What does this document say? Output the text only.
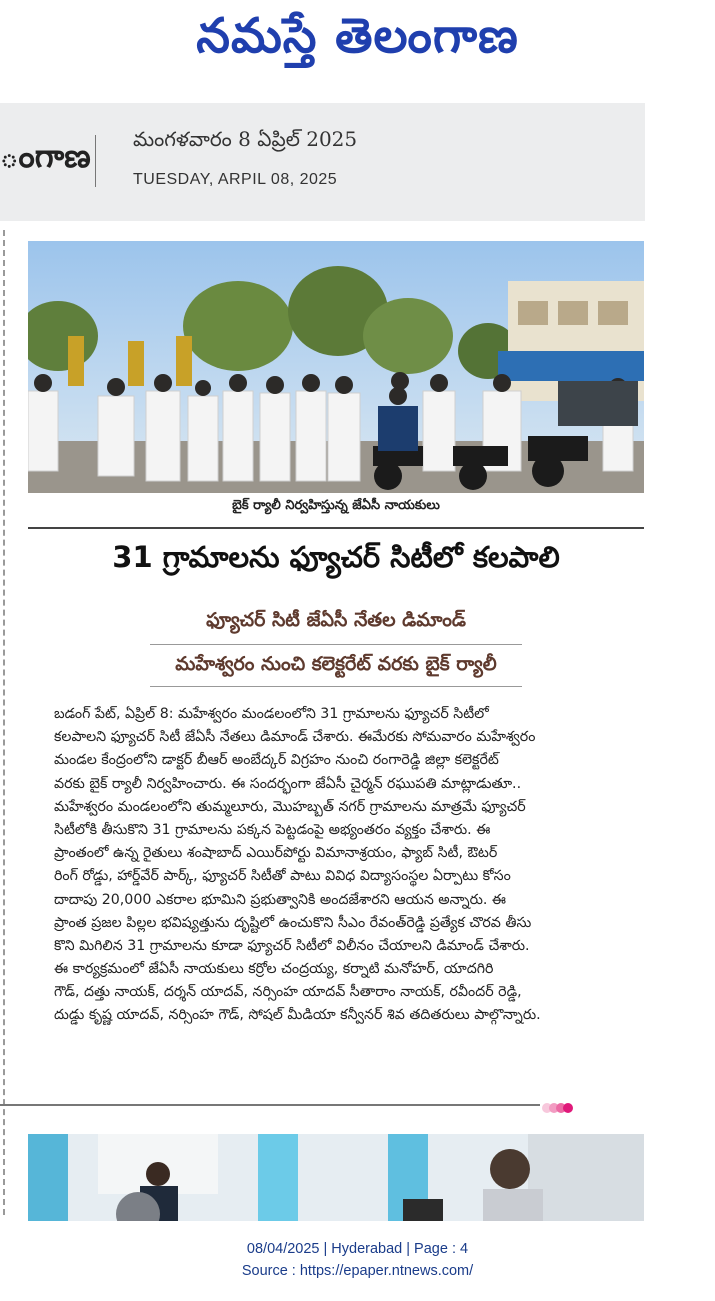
నమస్తే తెలంగాణ
ంగాణ మంగళవారం 8 ఏప్రిల్ 2025
TUESDAY, ARPIL 08, 2025
బైక్ ర్యాలీ నిర్వహిస్తున్న జేఏసీ నాయకులు
31 గ్రామాలను ఫ్యూచర్ సిటీలో కలపాలి
ఫ్యూచర్ సిటీ జేఏసీ నేతల డిమాండ్
మహేశ్వరం నుంచి కలెక్టరేట్ వరకు బైక్ ర్యాలీ
బడంగ్ పేట్, ఏప్రిల్ 8: మహేశ్వరం మండలంలోని 31 గ్రామాలను ఫ్యూచర్ సిటీలో
కలపాలని ఫ్యూచర్ సిటీ జేఏసీ నేతలు డిమాండ్ చేశారు. ఈమేరకు సోమవారం మహేశ్వరం
మండల కేంద్రంలోని డాక్టర్ బీఆర్ అంబేద్కర్ విగ్రహం నుంచి రంగారెడ్డి జిల్లా కలెక్టరేట్
వరకు బైక్ ర్యాలీ నిర్వహించారు. ఈ సందర్భంగా జేఏసీ చైర్మన్ రఘుపతి మాట్లాడుతూ..
మహేశ్వరం మండలంలోని తుమ్మలూరు, మొహబ్బత్ నగర్ గ్రామాలను మాత్రమే ఫ్యూచర్
సిటీలోకి తీసుకొని 31 గ్రామాలను పక్కన పెట్టడంపై అభ్యంతరం వ్యక్తం చేశారు. ఈ
ప్రాంతంలో ఉన్న రైతులు శంషాబాద్ ఎయిర్‌పోర్టు విమానాశ్రయం, ఫ్యాబ్ సిటీ, ఔటర్
రింగ్ రోడ్డు, హార్డ్‌వేర్ పార్క్, ఫ్యూచర్ సిటీతో పాటు వివిధ విద్యాసంస్థల ఏర్పాటు కోసం
దాదాపు 20,000 ఎకరాల భూమిని ప్రభుత్వానికి అందజేశారని ఆయన అన్నారు. ఈ
ప్రాంత ప్రజల పిల్లల భవిష్యత్తును దృష్టిలో ఉంచుకొని సీఎం రేవంత్‌రెడ్డి ప్రత్యేక చొరవ తీసు
కొని మిగిలిన 31 గ్రామాలను కూడా ఫ్యూచర్ సిటీలో విలీనం చేయాలని డిమాండ్ చేశారు.
ఈ కార్యక్రమంలో జేఏసీ నాయకులు కర్రోల చంద్రయ్య, కర్నాటి మనోహర్, యాదగిరి
గౌడ్, దత్తు నాయక్, దర్శన్ యాదవ్, నర్సింహ యాదవ్ సీతారాం నాయక్, రవీందర్ రెడ్డి,
దుడ్డు కృష్ణ యాదవ్, నర్సింహ గౌడ్, సోషల్ మీడియా కన్వీనర్ శివ తదితరులు పాల్గొన్నారు.
08/04/2025 | Hyderabad | Page : 4
Source : https://epaper.ntnews.com/
